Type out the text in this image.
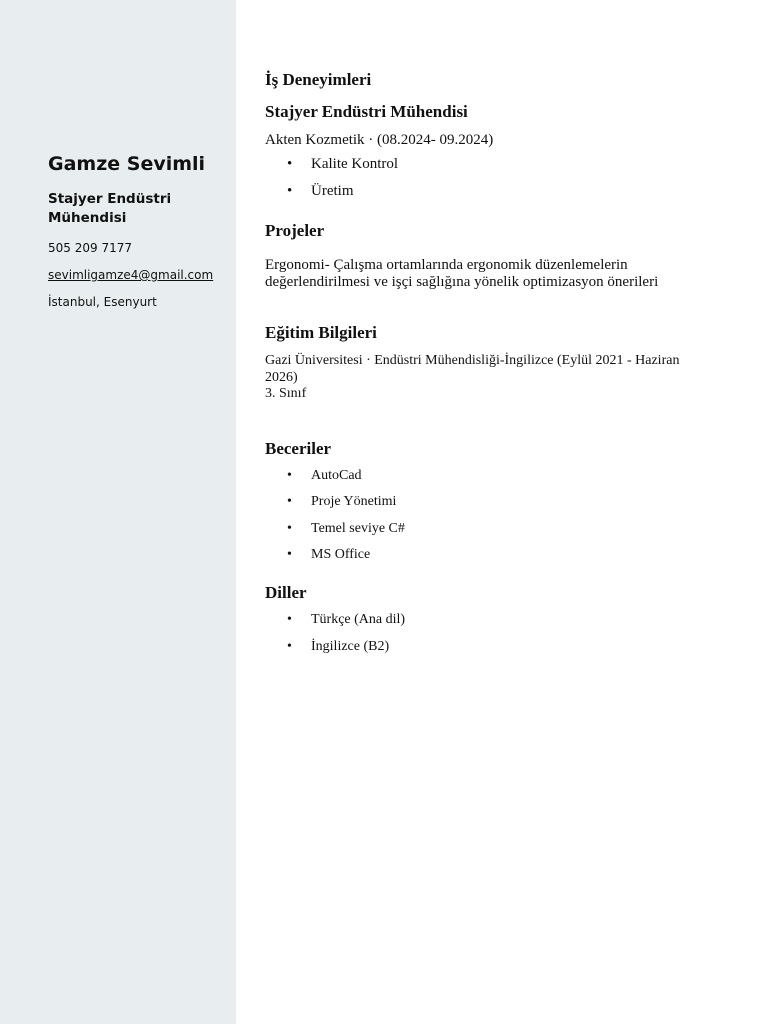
Gamze Sevimli
Stajyer Endüstri Mühendisi
505 209 7177
sevimligamze4@gmail.com
İstanbul, Esenyurt
İş Deneyimleri
Stajyer Endüstri Mühendisi
Akten Kozmetik · (08.2024- 09.2024)
• Kalite Kontrol
• Üretim
Projeler
Ergonomi- Çalışma ortamlarında ergonomik düzenlemelerin değerlendirilmesi ve işçi sağlığına yönelik optimizasyon önerileri
Eğitim Bilgileri
Gazi Üniversitesi · Endüstri Mühendisliği-İngilizce (Eylül 2021 - Haziran 2026)
3. Sınıf
Beceriler
• AutoCad
• Proje Yönetimi
• Temel seviye C#
• MS Office
Diller
• Türkçe (Ana dil)
• İngilizce (B2)
